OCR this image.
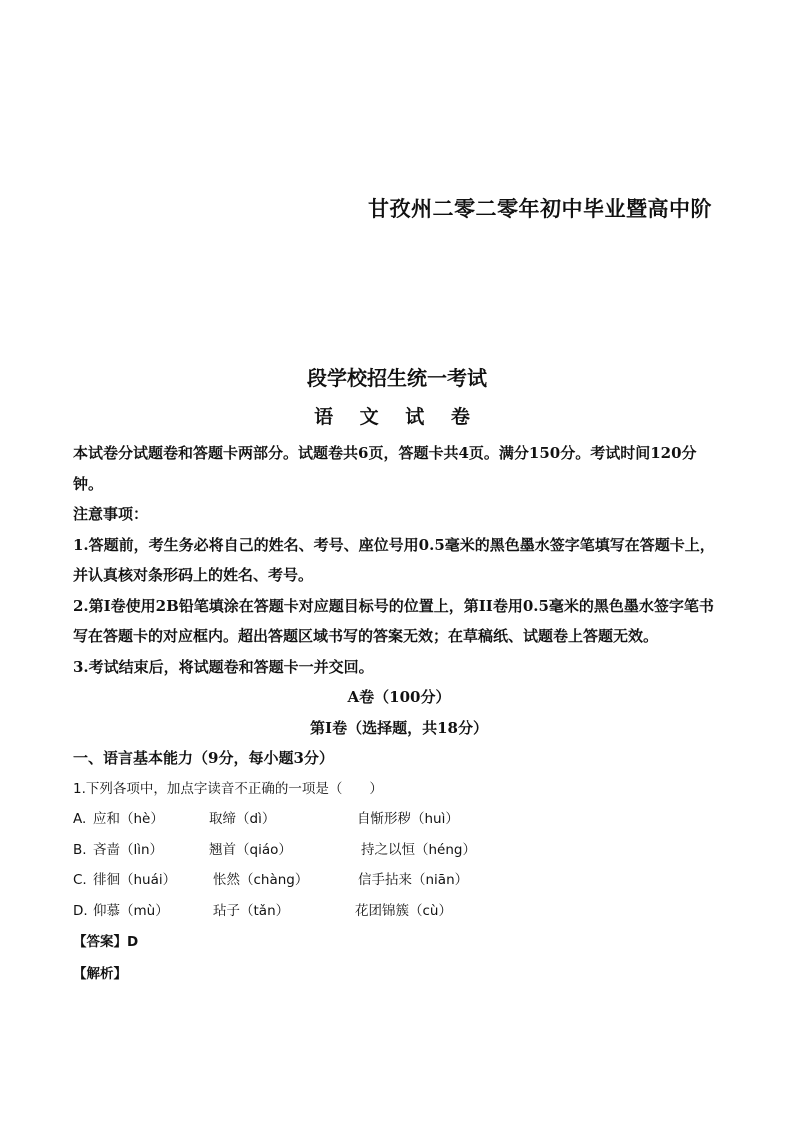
甘孜州二零二零年初中毕业暨高中阶
段学校招生统一考试
语 文 试 卷

本试卷分试题卷和答题卡两部分。试题卷共6页，答题卡共4页。满分150分。考试时间120分钟。

注意事项：

1.答题前，考生务必将自己的姓名、考号、座位号用0.5毫米的黑色墨水签字笔填写在答题卡上，并认真核对条形码上的姓名、考号。

2.第Ⅰ卷使用2B铅笔填涂在答题卡对应题目标号的位置上，第II卷用0.5毫米的黑色墨水签字笔书写在答题卡的对应框内。超出答题区域书写的答案无效；在草稿纸、试题卷上答题无效。

3.考试结束后，将试题卷和答题卡一并交回。

A卷（100分）

第Ⅰ卷（选择题，共18分）

一、语言基本能力（9分，每小题3分）

1.下列各项中，加点字读音不正确的一项是（　　）

A. 应和（hè）	取缔（dì）	自惭形秽（huì）
B. 吝啬（lìn）	翘首（qiáo）	持之以恒（héng）
C. 徘徊（huái）	怅然（chàng）	信手拈来（niān）
D. 仰慕（mù）	玷子（tǎn）	花团锦簇（cù）

【答案】D

【解析】
